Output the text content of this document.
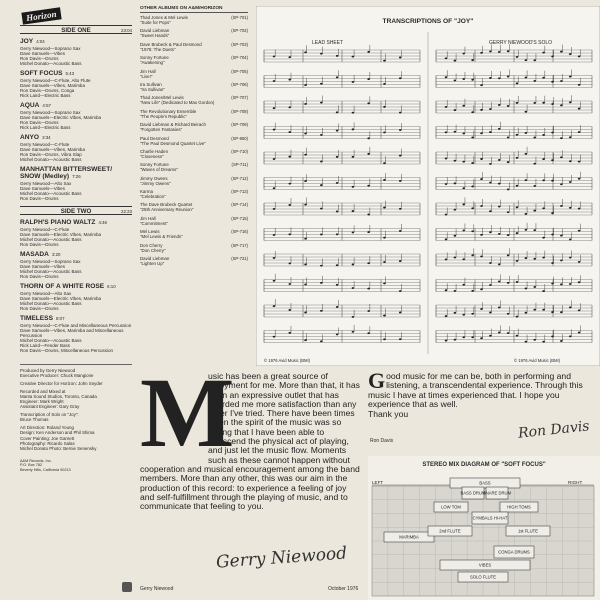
Horizon
SIDE ONE	23:04
JOY 4:04
Gerry Niewood—Soprano Sax
Dave Samuels—Vibes
Ron Davis—Drums
Michel Donato—Acoustic Bass
SOFT FOCUS 5:43
Gerry Niewood—C-Flute, Alto Flute
Dave Samuels—Vibes, Marimba
Ron Davis—Drums, Conga
Rick Laird—Electric Bass
AQUA 4:57
Gerry Niewood—Soprano Sax
Dave Samuels—Electric Vibes, Marimba
Ron Davis—Drums
Rick Laird—Electric Bass
ANYO 3:34
Gerry Niewood—C-Flute
Dave Samuels—Vibes, Marimba
Ron Davis—Drums, Vibra Slap
Michel Donato—Acoustic Bass
MANHATTAN BITTERSWEET/ SNOW (Medley) 7:26
Gerry Niewood—Alto Sax
Dave Samuels—Vibes
Michel Donato—Acoustic Bass
Ron Davis—Drums
SIDE TWO	22:23
RALPH'S PIANO WALTZ 4:46
Gerry Niewood—C-Flute
Dave Samuels—Electric Vibes, Marimba
Michel Donato—Acoustic Bass
Ron Davis—Drums
MASADA 3:20
Gerry Niewood—Soprano Sax
Dave Samuels—Vibes
Michel Donato—Acoustic Bass
Ron Davis—Drums
THORN OF A WHITE ROSE 6:10
Gerry Niewood—Alto Sax
Dave Samuels—Electric Vibes, Marimba
Michel Donato—Acoustic Bass
Ron Davis—Drums
TIMELESS 8:07
Gerry Niewood—C-Flute and Miscellaneous Percussion
Dave Samuels—Vibes, Marimba and Miscellaneous Percussion
Michel Donato—Acoustic Bass
Rick Laird—Fender Bass
Ron Davis—Drums, Miscellaneous Percussion
Produced by Gerry Niewood
Executive Producer: Chuck Mangione
Creative Director for Horizon: John Snyder
Recorded and Mixed at
Manta Sound Studios, Toronto, Canada
Engineer: Mark Wright
Assistant Engineer: Gary Gray
Transcription of Solo on "Joy":
Bruce Thomas
Art Direction: Roland Young
Design: Ken Anderson and Phil Shima
Cover Painting: Joe Garnett
Photography: Ricardo Salas
Michel Donato Photo: Bernie Senensky
A&M Records, Inc.
P.O. Box 782
Beverly Hills, California 90213
OTHER ALBUMS ON A&M/HORIZON
Thad Jones & Mel Lewis
"Suite for Pops"
(SP-701)
David Liebman
"Sweet Hands"
(SP-702)
Dave Brubeck & Paul Desmond
"1975: The Duets"
(SP-703)
Sonny Fortune
"Awakening"
(SP-704)
Jim Hall
"Live!"
(SP-705)
Ira Sullivan
"Ira Sullivan"
(SP-706)
Thad Jones/Mel Lewis
"New Life" (Dedicated to Max Gordon)
(SP-707)
The Revolutionary Ensemble
"The People's Republic"
(SP-708)
David Liebman & Richard Beirach
"Forgotten Fantasies"
(SP-709)
Paul Desmond
"The Paul Desmond Quartet Live"
(SP-850)
Charlie Haden
"Closeness"
(SP-710)
Sonny Fortune
"Waves of Dreams"
(SP-711)
Jimmy Owens
"Jimmy Owens"
(SP-712)
Karma
"Celebration"
(SP-713)
The Dave Brubeck Quartet
"25th Anniversary Reunion"
(SP-714)
Jim Hall
"Commitment"
(SP-715)
Mel Lewis
"Mel Lewis & Friends"
(SP-716)
Don Cherry
"Don Cherry"
(SP-717)
David Liebman
"Lighten Up"
(SP-721)
TRANSCRIPTIONS OF "JOY"
LEAD SHEET	GERRY NIEWOOD'S SOLO
© 1976 Avid Music (BMI)	© 1976 Avid Music (BMI)
M
usic has been a great source of enjoyment for me. More than that, it has been an expressive outlet that has afforded me more satisfaction than any other I've tried. There have been times when the spirit of the music was so strong that I have been able to transcend the physical act of playing, and just let the music flow. Moments such as these cannot happen without cooperation and musical encouragement among the band members. More than any other, this was our aim in the production of this record: to experience a feeling of joy and self-fulfillment through the playing of music, and to communicate that feeling to you.
Gerry Niewood
Gerry Niewood	October 1976
Good music for me can be, both in performing and listening, a transcendental experience. Through this music I have at times experienced that. I hope you experience that as well.
Thank you
Ron Davis
Ron Davis
BASS
BASS DRUM
SNARE DRUM
LOW TOM	HIGH TOMS
CYMBALS HI-HAT
MARIMBA
2nd FLUTE	1st FLUTE
CONGA DRUMS
VIBES
SOLO FLUTE
STEREO MIX DIAGRAM OF "SOFT FOCUS"
LEFT	RIGHT
